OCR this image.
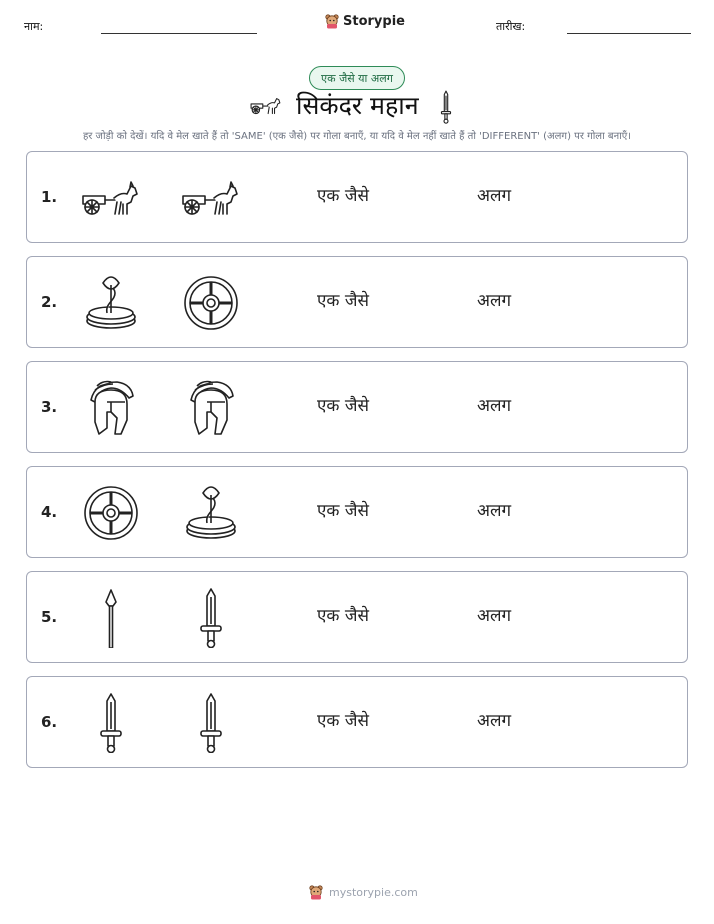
नाम:	Storypie	तारीख:
एक जैसे या अलग
सिकंदर महान
हर जोड़ी को देखें। यदि वे मेल खाते हैं तो 'SAME' (एक जैसे) पर गोला बनाएँ, या यदि वे मेल नहीं खाते हैं तो 'DIFFERENT' (अलग) पर गोला बनाएँ।
1.	एक जैसे	अलग
2.	एक जैसे	अलग
3.	एक जैसे	अलग
4.	एक जैसे	अलग
5.	एक जैसे	अलग
6.	एक जैसे	अलग
mystorypie.com
